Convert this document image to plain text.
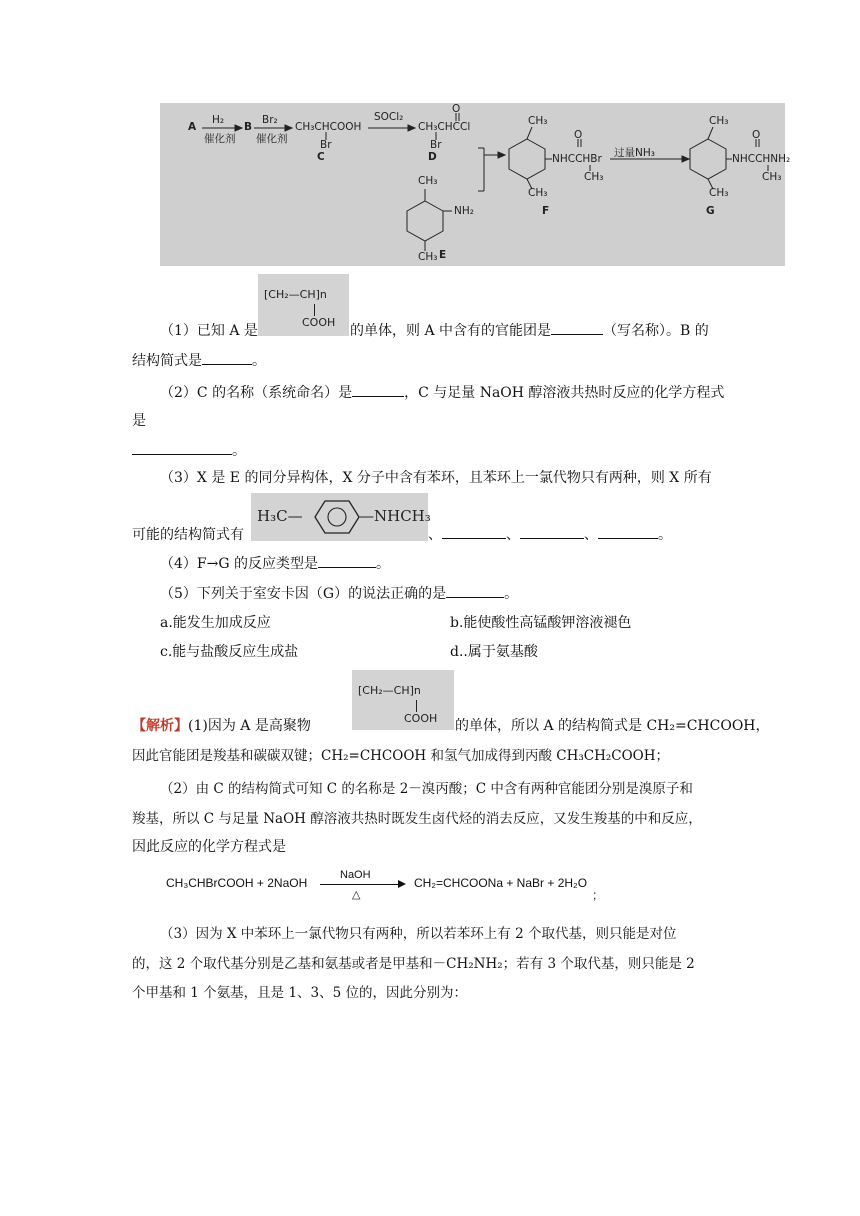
A
H₂
催化剂
B
Br₂
催化剂
CH₃CHCOOH
Br
C
SOCl₂
O
CH₃CHCCl
Br
D
CH₃
NH₂
CH₃ E
CH₃
O
NHCCHBr
CH₃
CH₃
F
过量NH₃
CH₃
O
NHCCHNH₂
CH₃
CH₃
G
[CH₂—CH]n
COOH
（1）已知 A 是	的单体，则 A 中含有的官能团是	（写名称）。B 的
结构简式是	。
（2）C 的名称（系统命名）是	，C 与足量 NaOH 醇溶液共热时反应的化学方程式
是
。
（3）X 是 E 的同分异构体，X 分子中含有苯环，且苯环上一氯代物只有两种，则 X 所有
H₃C—	—NHCH₃
可能的结构简式有	、	、	、	。
（4）F→G 的反应类型是	。
（5）下列关于室安卡因（G）的说法正确的是	。
a.能发生加成反应	b.能使酸性高锰酸钾溶液褪色
c.能与盐酸反应生成盐	d..属于氨基酸
[CH₂—CH]n
COOH
【解析】(1)因为 A 是高聚物	的单体，所以 A 的结构简式是 CH₂=CHCOOH，
因此官能团是羧基和碳碳双键；CH₂=CHCOOH 和氢气加成得到丙酸 CH₃CH₂COOH；
（2）由 C 的结构简式可知 C 的名称是 2－溴丙酸；C 中含有两种官能团分别是溴原子和
羧基，所以 C 与足量 NaOH 醇溶液共热时既发生卤代烃的消去反应，又发生羧基的中和反应，
因此反应的化学方程式是
CH₃CHBrCOOH + 2NaOH
NaOH
△
CH₂=CHCOONa + NaBr + 2H₂O
;
（3）因为 X 中苯环上一氯代物只有两种，所以若苯环上有 2 个取代基，则只能是对位
的，这 2 个取代基分别是乙基和氨基或者是甲基和－CH₂NH₂；若有 3 个取代基，则只能是 2
个甲基和 1 个氨基，且是 1、3、5 位的，因此分别为：
